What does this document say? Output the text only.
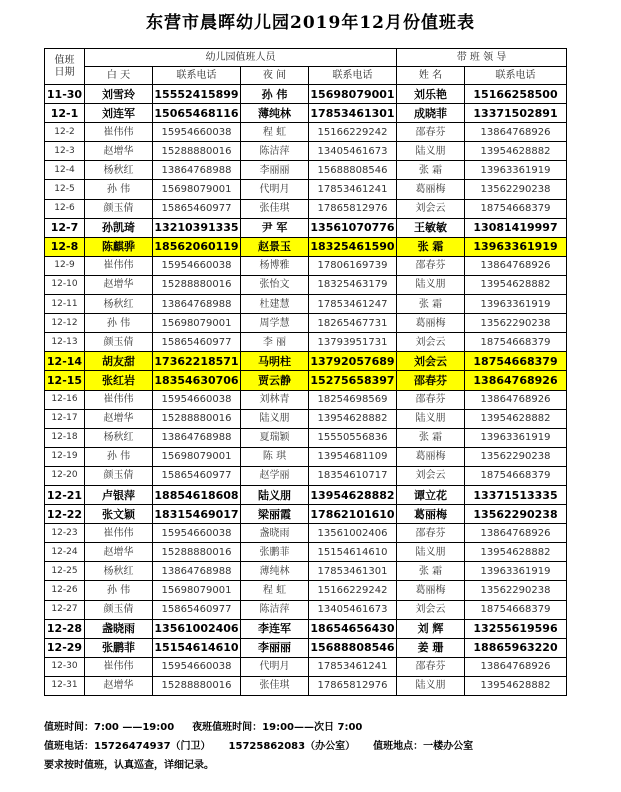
东营市晨晖幼儿园2019年12月份值班表
值班
日期	幼儿园值班人员				带 班 领 导	
	白 天	联系电话	夜 间	联系电话	姓 名	联系电话
11-30	刘雪玲	15552415899	孙 伟	15698079001	刘乐艳	15166258500
12-1	刘连军	15065468116	薄纯林	17853461301	成晓菲	13371502891
12-2	崔伟伟	15954660038	程 虹	15166229242	邵春芬	13864768926
12-3	赵增华	15288880016	陈洁萍	13405461673	陆义朋	13954628882
12-4	杨秋红	13864768988	李丽丽	15688808546	张 霜	13963361919
12-5	孙 伟	15698079001	代明月	17853461241	葛丽梅	13562290238
12-6	颜玉倩	15865460977	张佳琪	17865812976	刘会云	18754668379
12-7	孙凯琦	13210391335	尹 军	13561070776	王敏敏	13081419997
12-8	陈麒骅	18562060119	赵景玉	18325461590	张 霜	13963361919
12-9	崔伟伟	15954660038	杨博雅	17806169739	邵春芬	13864768926
12-10	赵增华	15288880016	张怡文	18325463179	陆义朋	13954628882
12-11	杨秋红	13864768988	杜建慧	17853461247	张 霜	13963361919
12-12	孙 伟	15698079001	周学慧	18265467731	葛丽梅	13562290238
12-13	颜玉倩	15865460977	李 丽	13793951731	刘会云	18754668379
12-14	胡友甜	17362218571	马明柱	13792057689	刘会云	18754668379
12-15	张红岩	18354630706	贾云静	15275658397	邵春芬	13864768926
12-16	崔伟伟	15954660038	刘林青	18254698569	邵春芬	13864768926
12-17	赵增华	15288880016	陆义朋	13954628882	陆义朋	13954628882
12-18	杨秋红	13864768988	夏瑞颖	15550556836	张 霜	13963361919
12-19	孙 伟	15698079001	陈 琪	13954681109	葛丽梅	13562290238
12-20	颜玉倩	15865460977	赵学丽	18354610717	刘会云	18754668379
12-21	卢银萍	18854618608	陆义朋	13954628882	谭立花	13371513335
12-22	张文颖	18315469017	梁丽霞	17862101610	葛丽梅	13562290238
12-23	崔伟伟	15954660038	盏晓雨	13561002406	邵春芬	13864768926
12-24	赵增华	15288880016	张鹏菲	15154614610	陆义朋	13954628882
12-25	杨秋红	13864768988	薄纯林	17853461301	张 霜	13963361919
12-26	孙 伟	15698079001	程 虹	15166229242	葛丽梅	13562290238
12-27	颜玉倩	15865460977	陈洁萍	13405461673	刘会云	18754668379
12-28	盏晓雨	13561002406	李连军	18654656430	刘 辉	13255619596
12-29	张鹏菲	15154614610	李丽丽	15688808546	姜 珊	18865963220
12-30	崔伟伟	15954660038	代明月	17853461241	邵春芬	13864768926
12-31	赵增华	15288880016	张佳琪	17865812976	陆义朋	13954628882
值班时间：7:00 ——19:00 夜班值班时间：19:00——次日 7:00
值班电话：15726474937（门卫） 15725862083（办公室） 值班地点：一楼办公室
要求按时值班，认真巡查，详细记录。
